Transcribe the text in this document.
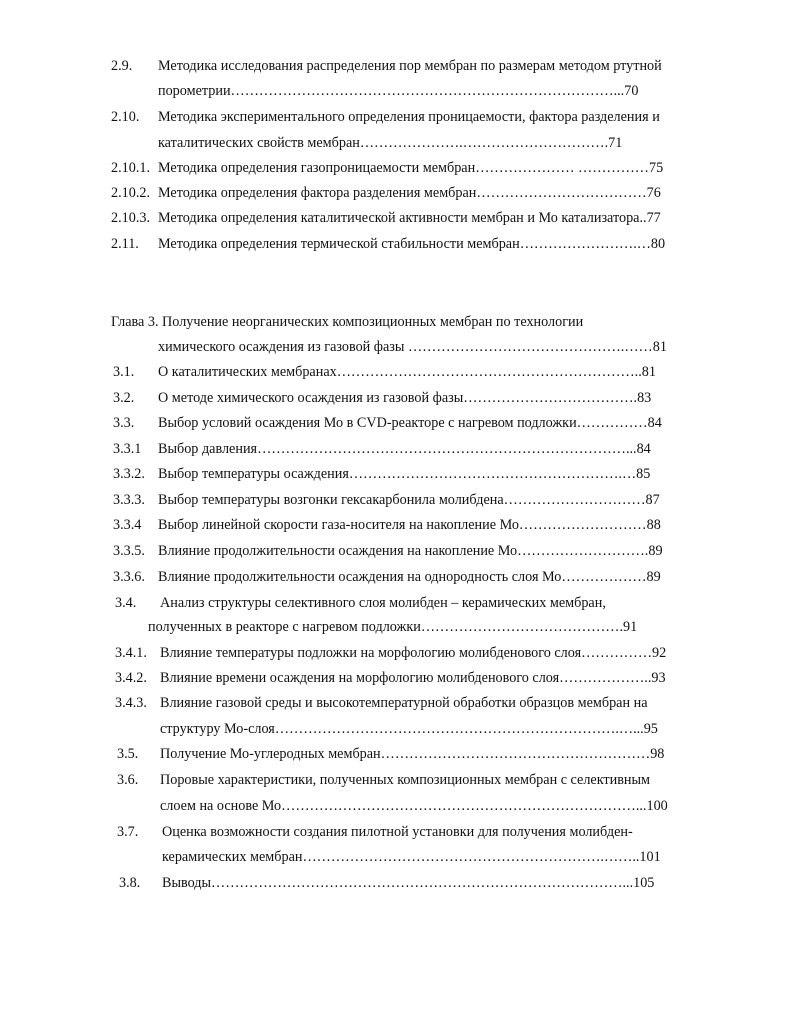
2.9. Методика исследования распределения пор мембран по размерам методом ртутной
порометрии………………………………………………………………………...70
2.10. Методика экспериментального определения проницаемости, фактора разделения и
каталитических свойств мембран………………….………………………….71
2.10.1. Методика определения газопроницаемости мембран………………… ……………75
2.10.2. Методика определения фактора разделения мембран………………………………76
2.10.3. Методика определения каталитической активности мембран и Мо катализатора..77
2.11. Методика определения термической стабильности мембран…………………….…80
Глава 3. Получение неорганических композиционных мембран по технологии
химического осаждения из газовой фазы ……………………………………….……81
3.1. О каталитических мембранах………………………………………………………..81
3.2. О методе химического осаждения из газовой фазы……………………………….83
3.3. Выбор условий осаждения Мо в CVD-реакторе с нагревом подложки……………84
3.3.1 Выбор давления……………………………………………………………………...84
3.3.2. Выбор температуры осаждения………………………………………………….…85
3.3.3. Выбор температуры возгонки гексакарбонила молибдена…………………………87
3.3.4 Выбор линейной скорости газа-носителя на накопление Мо………………………88
3.3.5. Влияние продолжительности осаждения на накопление Мо……………………….89
3.3.6. Влияние продолжительности осаждения на однородность слоя Мо………………89
3.4. Анализ структуры селективного слоя молибден – керамических мембран,
полученных в реакторе с нагревом подложки…………………………………….91
3.4.1. Влияние температуры подложки на морфологию молибденового слоя……………92
3.4.2. Влияние времени осаждения на морфологию молибденового слоя………………..93
3.4.3. Влияние газовой среды и высокотемпературной обработки образцов мембран на
структуру Мо-слоя……………………………………………………………….…...95
3.5. Получение Мо-углеродных мембран…………………………………………………98
3.6. Поровые характеристики, полученных композиционных мембран с селективным
слоем на основе Мо…………………………………………………………………...100
3.7. Оценка возможности создания пилотной установки для получения молибден-
керамических мембран……………………………………………………….……..101
3.8. Выводы……………………………………………………………………………...105
